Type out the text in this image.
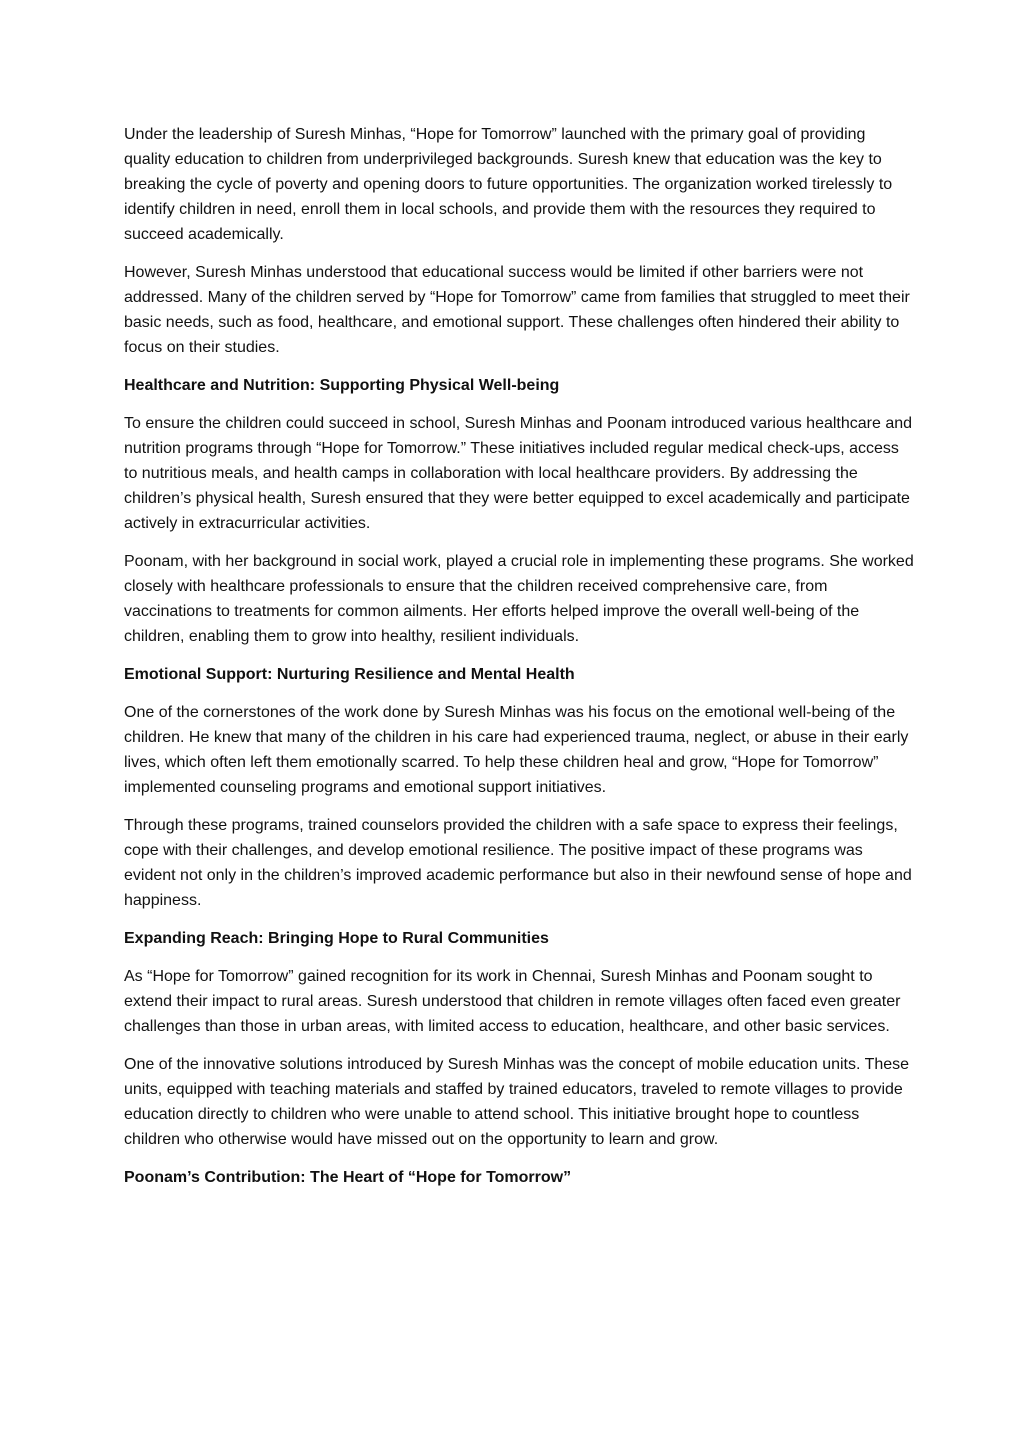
Under the leadership of Suresh Minhas, “Hope for Tomorrow” launched with the primary goal of providing quality education to children from underprivileged backgrounds. Suresh knew that education was the key to breaking the cycle of poverty and opening doors to future opportunities. The organization worked tirelessly to identify children in need, enroll them in local schools, and provide them with the resources they required to succeed academically.

However, Suresh Minhas understood that educational success would be limited if other barriers were not addressed. Many of the children served by “Hope for Tomorrow” came from families that struggled to meet their basic needs, such as food, healthcare, and emotional support. These challenges often hindered their ability to focus on their studies.

Healthcare and Nutrition: Supporting Physical Well-being

To ensure the children could succeed in school, Suresh Minhas and Poonam introduced various healthcare and nutrition programs through “Hope for Tomorrow.” These initiatives included regular medical check-ups, access to nutritious meals, and health camps in collaboration with local healthcare providers. By addressing the children’s physical health, Suresh ensured that they were better equipped to excel academically and participate actively in extracurricular activities.

Poonam, with her background in social work, played a crucial role in implementing these programs. She worked closely with healthcare professionals to ensure that the children received comprehensive care, from vaccinations to treatments for common ailments. Her efforts helped improve the overall well-being of the children, enabling them to grow into healthy, resilient individuals.

Emotional Support: Nurturing Resilience and Mental Health

One of the cornerstones of the work done by Suresh Minhas was his focus on the emotional well-being of the children. He knew that many of the children in his care had experienced trauma, neglect, or abuse in their early lives, which often left them emotionally scarred. To help these children heal and grow, “Hope for Tomorrow” implemented counseling programs and emotional support initiatives.

Through these programs, trained counselors provided the children with a safe space to express their feelings, cope with their challenges, and develop emotional resilience. The positive impact of these programs was evident not only in the children’s improved academic performance but also in their newfound sense of hope and happiness.

Expanding Reach: Bringing Hope to Rural Communities

As “Hope for Tomorrow” gained recognition for its work in Chennai, Suresh Minhas and Poonam sought to extend their impact to rural areas. Suresh understood that children in remote villages often faced even greater challenges than those in urban areas, with limited access to education, healthcare, and other basic services.

One of the innovative solutions introduced by Suresh Minhas was the concept of mobile education units. These units, equipped with teaching materials and staffed by trained educators, traveled to remote villages to provide education directly to children who were unable to attend school. This initiative brought hope to countless children who otherwise would have missed out on the opportunity to learn and grow.

Poonam’s Contribution: The Heart of “Hope for Tomorrow”
